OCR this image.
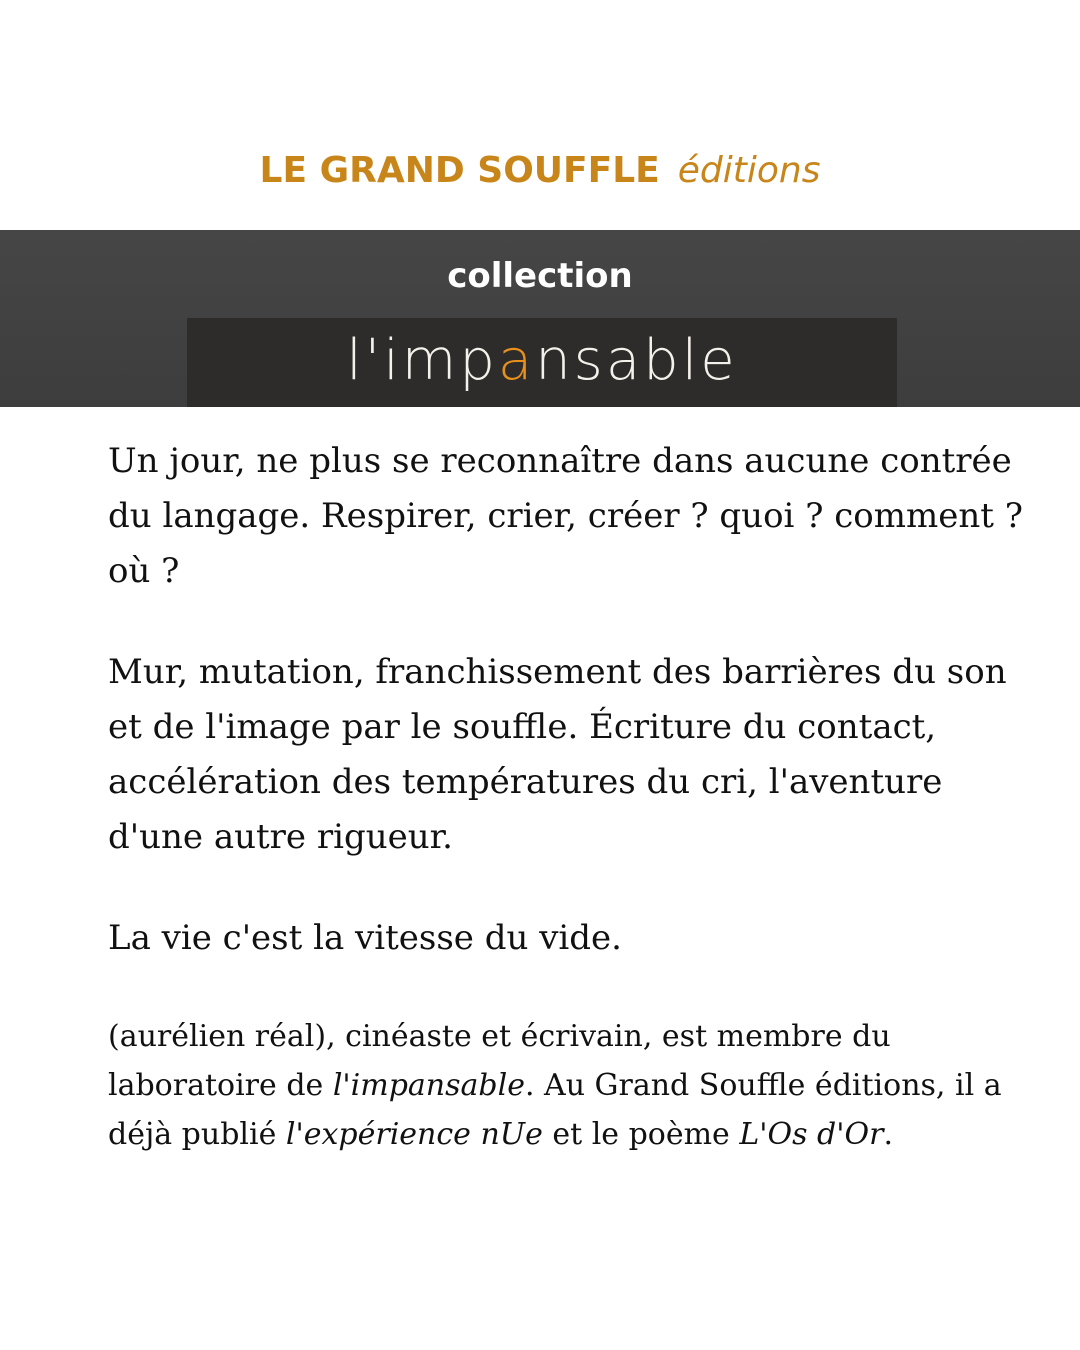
LE GRAND SOUFFLE éditions
collection
l'impansable

Un jour, ne plus se reconnaître dans aucune contrée du langage. Respirer, crier, créer ? quoi ? comment ? où ?

Mur, mutation, franchissement des barrières du son et de l'image par le souffle. Écriture du contact, accélération des températures du cri, l'aventure d'une autre rigueur.

La vie c'est la vitesse du vide.

(aurélien réal), cinéaste et écrivain, est membre du laboratoire de l'impansable. Au Grand Souffle éditions, il a déjà publié l'expérience nUe et le poème L'Os d'Or.
